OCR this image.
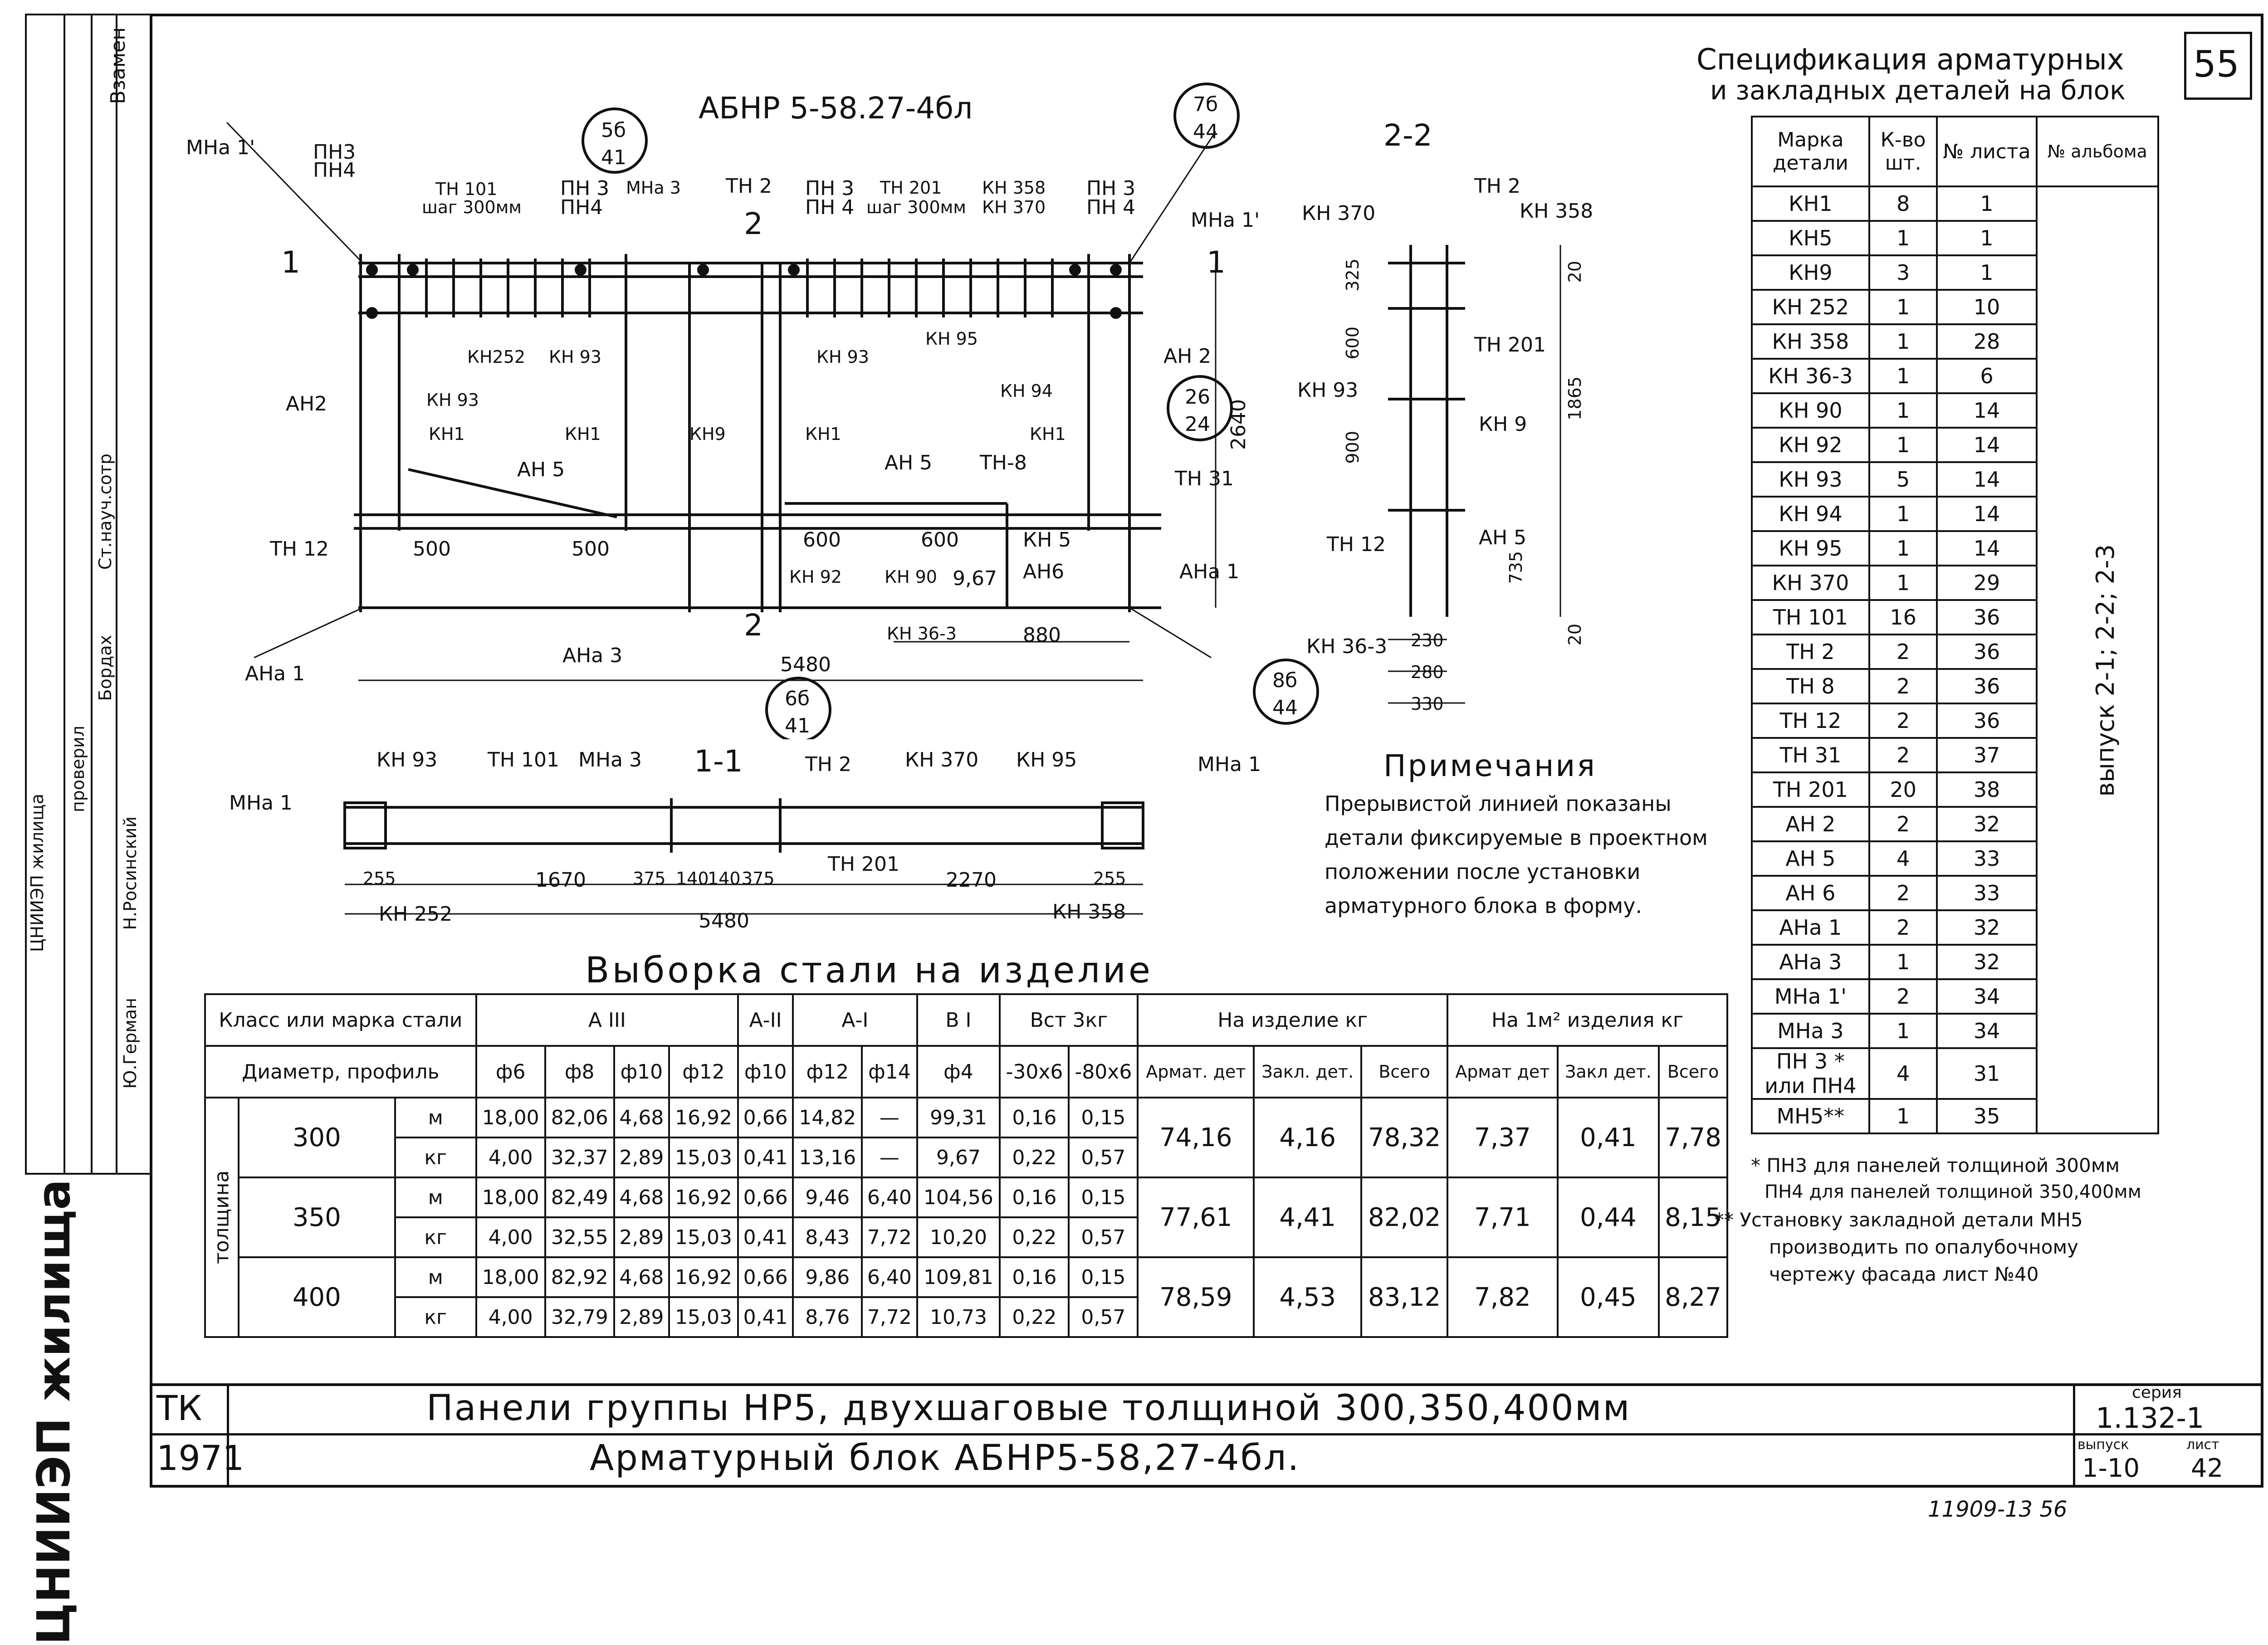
55
Взамен
ЦНИИЭП жилища
проверил
Ст.науч.сотр
Бордах
Н.Росинский
Ю.Герман
АБНР 5-58.27-4бл
5б
41
7б
44
26
24
6б
41
8б
44
МНа 1'	ПН3
ПН4
ТН 101
шаг 300мм
ПН 3
ПН4
МНа 3 ТН 2 ПН 3
ПН 4
ТН 201
шаг 300мм
КН 358
КН 370
ПН 3
ПН 4
МНа 1'
КН252 КН 93	КН 93
КН 95
АН 2
АН2	КН 93
КН1	КН1	КН9	КН1
КН 94
КН1
АН 5	АН 5 ТН-8
ТН 31
ТН 12
КН 92 КН 90
КН 5
АН6	АНа 1
КН 36-3
АНа 3
АНа 1
500	500	600	600
9,67
880
5480
2640
1	1
2
2
2-2
ТН 2
КН 370	КН 358
ТН 201
КН 93
КН 9
ТН 12	АН 5
КН 36-3
325
600
900
735
1865
20
20
230
280
330
1-1
КН 93	ТН 101 МНа 3	ТН 2	КН 370 КН 95
МНа 1
МНа 1
ТН 201
КН 252	КН 358
255	1670	375 140
140 375	2270	255
5480
Примечания
Прерывистой линией показаны
детали фиксируемые в проектном
положении после установки
арматурного блока в форму.
* ПН3 для панелей толщиной 300мм
ПН4 для панелей толщиной 350,400мм
** Установку закладной детали МН5
производить по опалубочному
чертежу фасада лист №40
Спецификация арматурных
и закладных деталей на блок
Марка детали	К-во шт.	№ листа	№ альбома
КН1	8	1	
КН5	1	1	
КН9	3	1	
КН 252	1	10	
КН 358	1	28	
КН 36-3	1	6	
КН 90	1	14	
КН 92	1	14	
КН 93	5	14	
КН 94	1	14	
КН 95	1	14	
КН 370	1	29	
ТН 101	16	36	
ТН 2	2	36	
ТН 8	2	36	
ТН 12	2	36	
ТН 31	2	37	
ТН 201	20	38	
АН 2	2	32	
АН 5	4	33	
АН 6	2	33	
АНа 1	2	32	
АНа 3	1	32	
МНа 1'	2	34	
МНа 3	1	34	
ПН 3 * или ПН4	4	31	
МН5**	1	35	
выпуск 2-1; 2-2; 2-3
Выборка стали на изделие
Класс или марка стали			А III				А-II	А-I		В I	Вст 3кг		На изделие кг			На 1м² изделия кг		
Диаметр, профиль			ф6	ф8	ф10	ф12	ф10	ф12	ф14	ф4	-30х6	-80х6	Армат. дет	Закл. дет.	Всего	Армат дет	Закл дет.	Всего
толщина	300	м	18,00	82,06	4,68	16,92	0,66	14,82	—	99,31	0,16	0,15	74,16	4,16	78,32	7,37	0,41	7,78
		кг	4,00	32,37	2,89	15,03	0,41	13,16	—	9,67	0,22	0,57						
	350	м	18,00	82,49	4,68	16,92	0,66	9,46	6,40	104,56	0,16	0,15	77,61	4,41	82,02	7,71	0,44	8,15
		кг	4,00	32,55	2,89	15,03	0,41	8,43	7,72	10,20	0,22	0,57						
	400	м	18,00	82,92	4,68	16,92	0,66	9,86	6,40	109,81	0,16	0,15	78,59	4,53	83,12	7,82	0,45	8,27
		кг	4,00	32,79	2,89	15,03	0,41	8,76	7,72	10,73	0,22	0,57						
ТК
1971
Панели группы НР5, двухшаговые толщиной 300,350,400мм
Арматурный блок АБНР5-58,27-4бл.
серия
1.132-1
выпуск
1-10
лист
42
ЦНИИЭП жилища	11909-13 56
